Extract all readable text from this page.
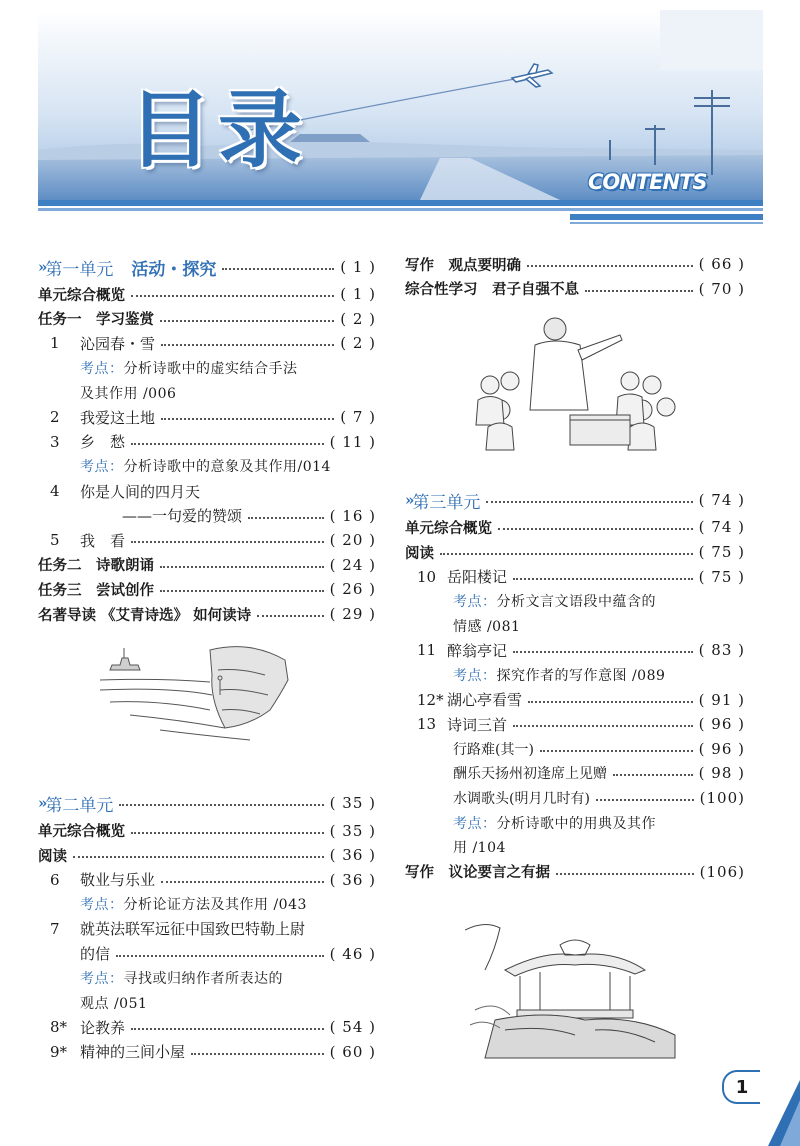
目录
CONTENTS
» 第一单元 活动・探究	( 1 )
单元综合概览	( 1 )
任务一　学习鉴赏	( 2 )
1	沁园春・雪	( 2 )
考点： 分析诗歌中的虚实结合手法
及其作用 /006
2	我爱这土地	( 7 )
3	乡　愁	( 11 )
考点： 分析诗歌中的意象及其作用/014
4	你是人间的四月天
——一句爱的赞颂	( 16 )
5	我　看	( 20 )
任务二　诗歌朗诵	( 24 )
任务三　尝试创作	( 26 )
名著导读 《艾青诗选》 如何读诗	( 29 )
» 第二单元	( 35 )
单元综合概览	( 35 )
阅读	( 36 )
6	敬业与乐业	( 36 )
考点： 分析论证方法及其作用 /043
7	就英法联军远征中国致巴特勒上尉
的信	( 46 )
考点： 寻找或归纳作者所表达的
观点 /051
8* 论教养	( 54 )
9* 精神的三间小屋	( 60 )
写作　观点要明确	( 66 )
综合性学习　君子自强不息	( 70 )
» 第三单元	( 74 )
单元综合概览	( 74 )
阅读	( 75 )
10 岳阳楼记	( 75 )
考点： 分析文言文语段中蕴含的
情感 /081
11 醉翁亭记	( 83 )
考点： 探究作者的写作意图 /089
12* 湖心亭看雪	( 91 )
13 诗词三首	( 96 )
行路难(其一)	( 96 )
酬乐天扬州初逢席上见赠	( 98 )
水调歌头(明月几时有)	(100)
考点： 分析诗歌中的用典及其作
用 /104
写作　议论要言之有据	(106)
1
